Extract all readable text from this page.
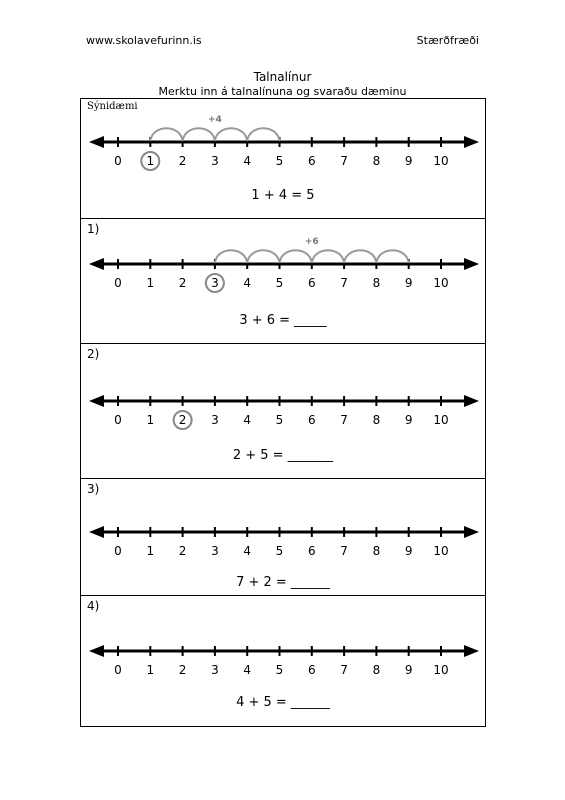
www.skolavefurinn.is	Stærðfræði
Talnalínur
Merktu inn á talnalínuna og svaraðu dæminu
Sýnidæmi
0 1 2 3 4 5 6 7 8 9 10
+4
1 + 4 = 5
1)
0 1 2 3 4 5 6 7 8 9 10
+6
3 + 6 = _____
2)
0 1 2 3 4 5 6 7 8 9 10
2 + 5 = _______
3)
0 1 2 3 4 5 6 7 8 9 10
7 + 2 = ______
4)
0 1 2 3 4 5 6 7 8 9 10
4 + 5 = ______
